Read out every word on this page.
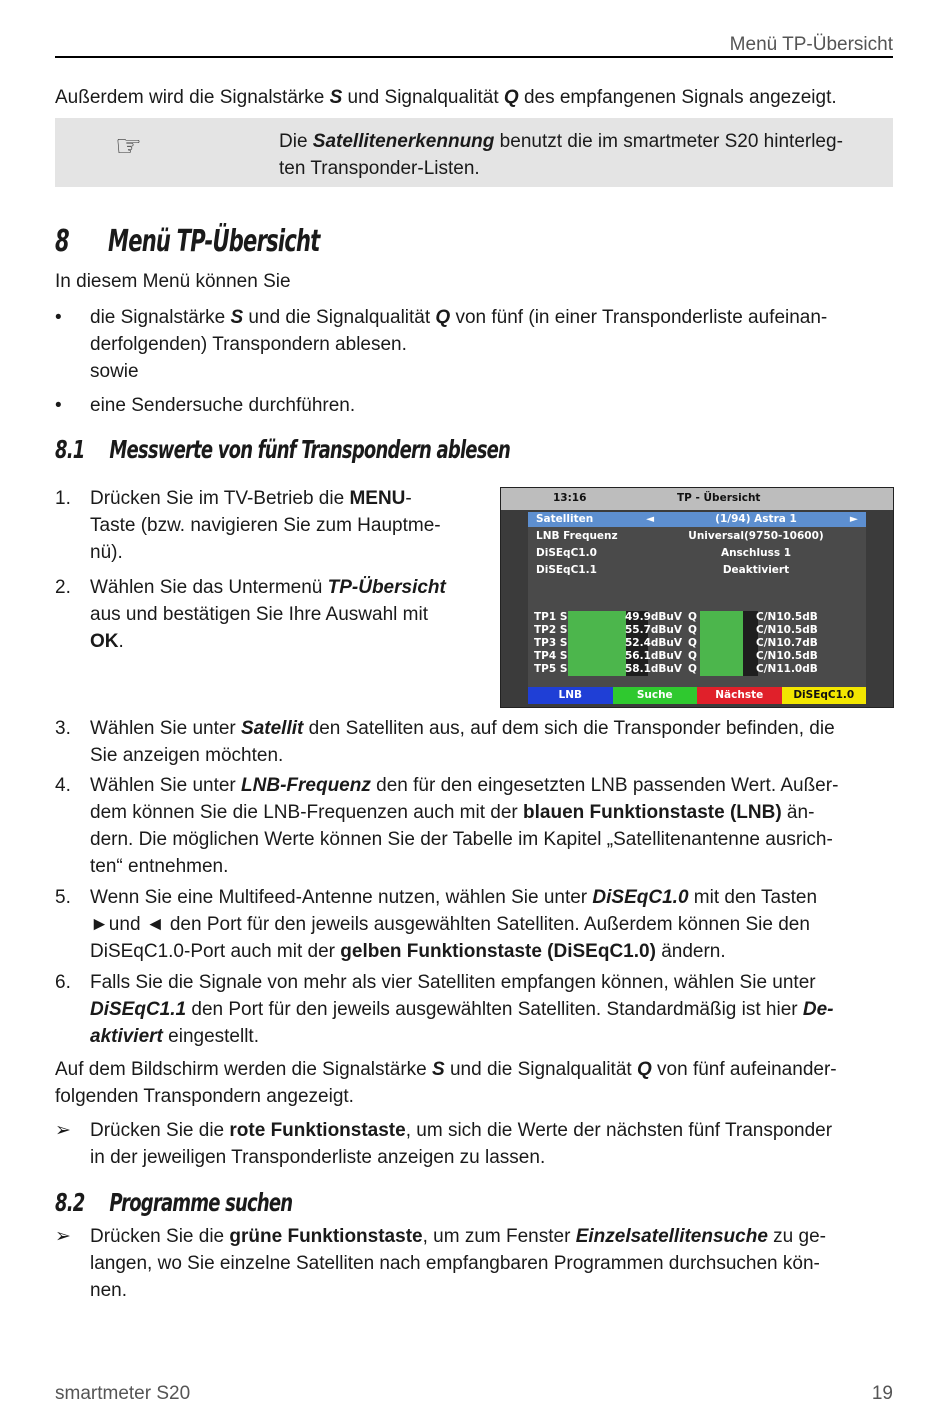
Menü TP-Übersicht

Außerdem wird die Signalstärke S und Signalqualität Q des empfangenen Signals angezeigt.

☞	Die Satellitenerkennung benutzt die im smartmeter S20 hinterleg-
ten Transponder-Listen.
8 Menü TP-Übersicht

In diesem Menü können Sie

• die Signalstärke S und die Signalqualität Q von fünf (in einer Transponderliste aufeinan-
derfolgenden) Transpondern ablesen.
sowie
• eine Sendersuche durchführen.
8.1 Messwerte von fünf Transpondern ablesen
1. Drücken Sie im TV-Betrieb die MENU-
Taste (bzw. navigieren Sie zum Hauptme-
nü).
2. Wählen Sie das Untermenü TP-Übersicht
aus und bestätigen Sie Ihre Auswahl mit
OK.
13:16	TP - Übersicht
Satelliten	◄	(1/94) Astra 1	►
LNB Frequenz	Universal(9750-10600)
DiSEqC1.0	Anschluss 1
DiSEqC1.1	Deaktiviert
LNB	Suche	Nächste	DiSEqC1.0
TP1 S	49.9dBuV Q	C/N10.5dB
TP2 S	55.7dBuV Q	C/N10.5dB
TP3 S	52.4dBuV Q	C/N10.7dB
TP4 S	56.1dBuV Q	C/N10.5dB
TP5 S	58.1dBuV Q	C/N11.0dB
3. Wählen Sie unter Satellit den Satelliten aus, auf dem sich die Transponder befinden, die
Sie anzeigen möchten.
4. Wählen Sie unter LNB-Frequenz den für den eingesetzten LNB passenden Wert. Außer-
dem können Sie die LNB-Frequenzen auch mit der blauen Funktionstaste (LNB) än-
dern. Die möglichen Werte können Sie der Tabelle im Kapitel „Satellitenantenne ausrich-
ten“ entnehmen.
5. Wenn Sie eine Multifeed-Antenne nutzen, wählen Sie unter DiSEqC1.0 mit den Tasten
►und ◄ den Port für den jeweils ausgewählten Satelliten. Außerdem können Sie den
DiSEqC1.0-Port auch mit der gelben Funktionstaste (DiSEqC1.0) ändern.
6. Falls Sie die Signale von mehr als vier Satelliten empfangen können, wählen Sie unter
DiSEqC1.1 den Port für den jeweils ausgewählten Satelliten. Standardmäßig ist hier De-
aktiviert eingestellt.

Auf dem Bildschirm werden die Signalstärke S und die Signalqualität Q von fünf aufeinander-
folgenden Transpondern angezeigt.

➢ Drücken Sie die rote Funktionstaste, um sich die Werte der nächsten fünf Transponder
in der jeweiligen Transponderliste anzeigen zu lassen.
8.2 Programme suchen
➢ Drücken Sie die grüne Funktionstaste, um zum Fenster Einzelsatellitensuche zu ge-
langen, wo Sie einzelne Satelliten nach empfangbaren Programmen durchsuchen kön-
nen.
smartmeter S20	19
